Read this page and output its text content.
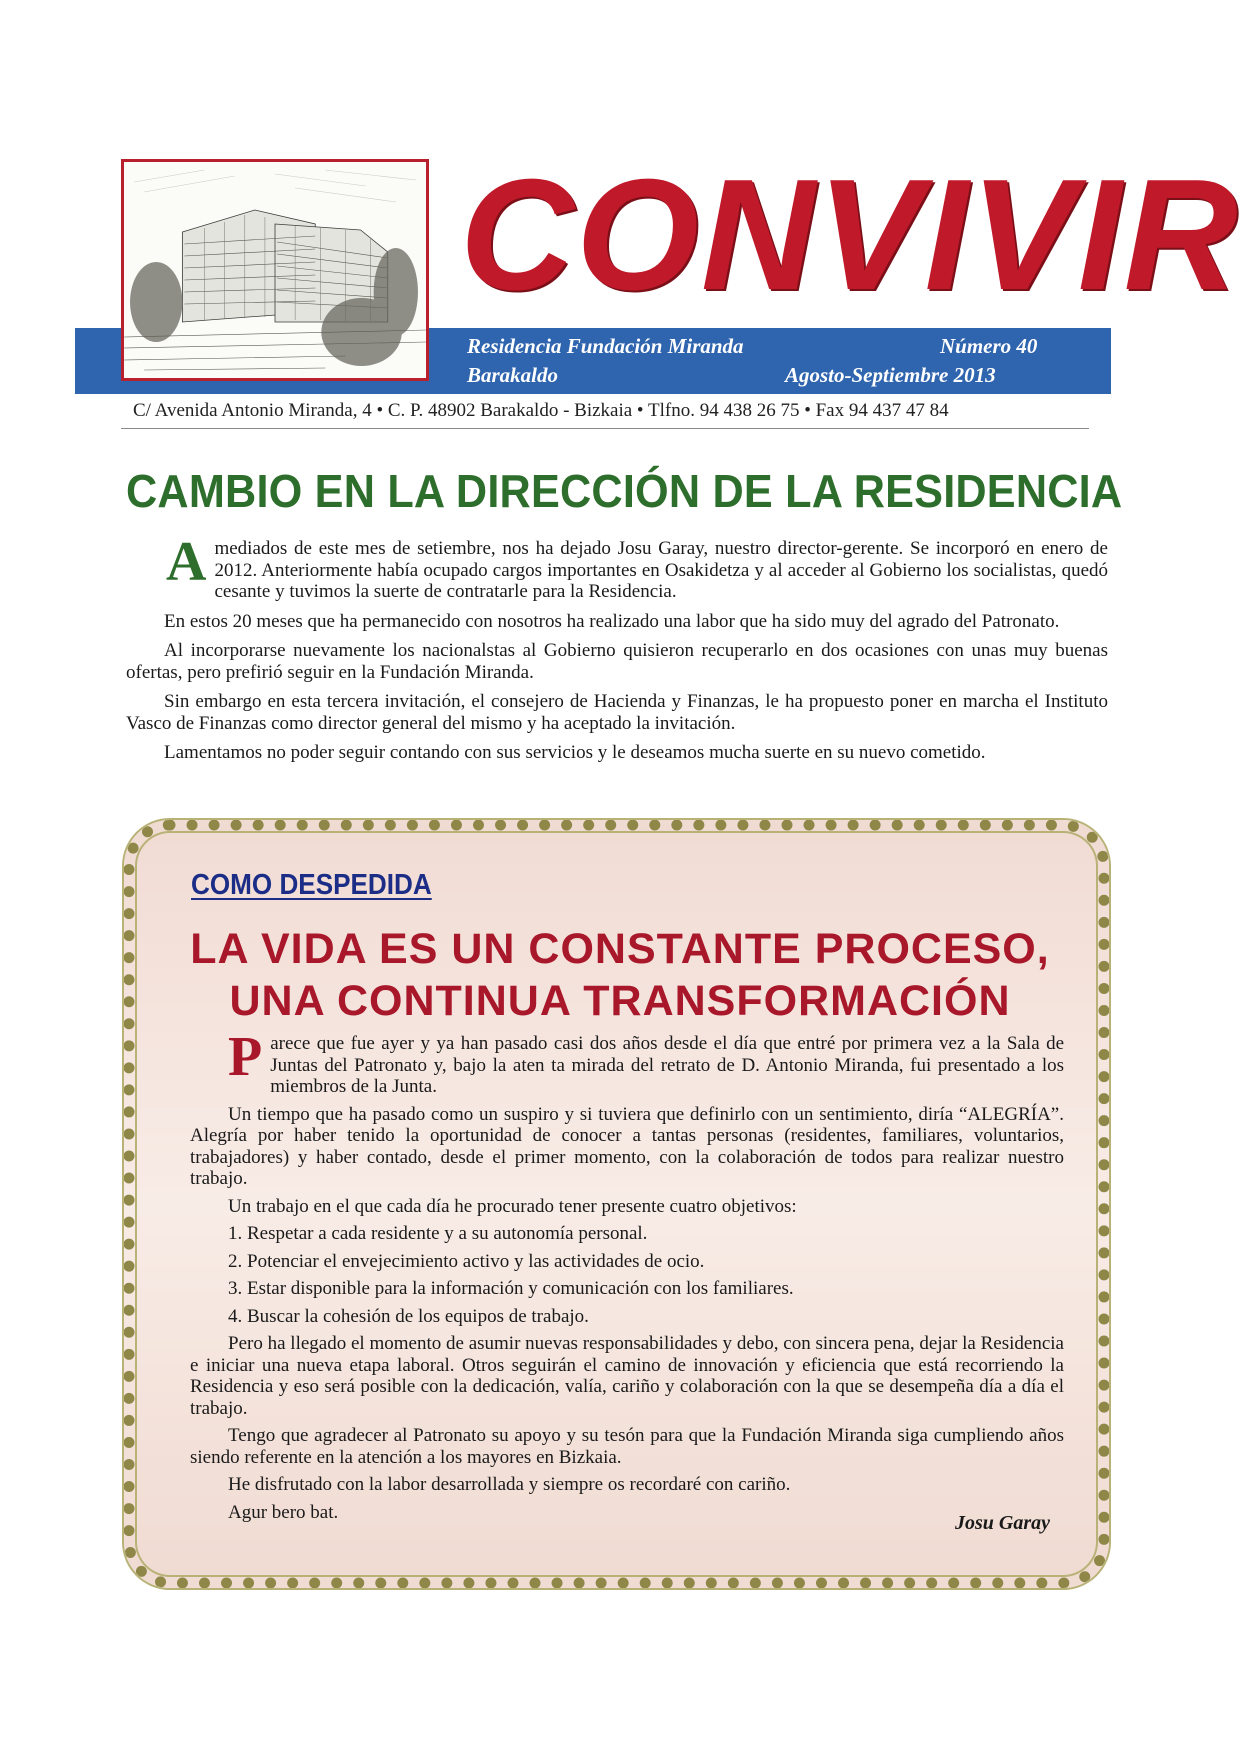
Residencia Fundación Miranda
Barakaldo
Número 40
Agosto-Septiembre 2013
CONVIVIR
C/ Avenida Antonio Miranda, 4 • C. P. 48902 Barakaldo - Bizkaia • Tlfno. 94 438 26 75 • Fax 94 437 47 84
CAMBIO EN LA DIRECCIÓN DE LA RESIDENCIA

Amediados de este mes de setiembre, nos ha dejado Josu Garay, nuestro director-gerente. Se incorporó en enero de 2012. Anteriormente había ocupado cargos importantes en Osakidetza y al acceder al Gobierno los socialistas, quedó cesante y tuvimos la suerte de contratarle para la Residencia.

En estos 20 meses que ha permanecido con nosotros ha realizado una labor que ha sido muy del agrado del Patronato.

Al incorporarse nuevamente los nacionalstas al Gobierno quisieron recuperarlo en dos ocasiones con unas muy buenas ofertas, pero prefirió seguir en la Fundación Miranda.

Sin embargo en esta tercera invitación, el consejero de Hacienda y Finanzas, le ha propuesto poner en marcha el Instituto Vasco de Finanzas como director general del mismo y ha aceptado la invitación.

Lamentamos no poder seguir contando con sus servicios y le deseamos mucha suerte en su nuevo cometido.

COMO DESPEDIDA
LA VIDA ES UN CONSTANTE PROCESO,
UNA CONTINUA TRANSFORMACIÓN

Parece que fue ayer y ya han pasado casi dos años desde el día que entré por primera vez a la Sala de Juntas del Patronato y, bajo la aten ta mirada del retrato de D. Antonio Miranda, fui presentado a los miembros de la Junta.

Un tiempo que ha pasado como un suspiro y si tuviera que definirlo con un sentimiento, diría “ALEGRÍA”. Alegría por haber tenido la oportunidad de conocer a tantas personas (residentes, familiares, voluntarios, trabajadores) y haber contado, desde el primer momento, con la colaboración de todos para realizar nuestro trabajo.

Un trabajo en el que cada día he procurado tener presente cuatro objetivos:

1. Respetar a cada residente y a su autonomía personal.
2. Potenciar el envejecimiento activo y las actividades de ocio.
3. Estar disponible para la información y comunicación con los familiares.
4. Buscar la cohesión de los equipos de trabajo.

Pero ha llegado el momento de asumir nuevas responsabilidades y debo, con sincera pena, dejar la Residencia e iniciar una nueva etapa laboral. Otros seguirán el camino de innovación y eficiencia que está recorriendo la Residencia y eso será posible con la dedicación, valía, cariño y colaboración con la que se desempeña día a día el trabajo.

Tengo que agradecer al Patronato su apoyo y su tesón para que la Fundación Miranda siga cumpliendo años siendo referente en la atención a los mayores en Bizkaia.

He disfrutado con la labor desarrollada y siempre os recordaré con cariño.

Agur bero bat.	Josu Garay
